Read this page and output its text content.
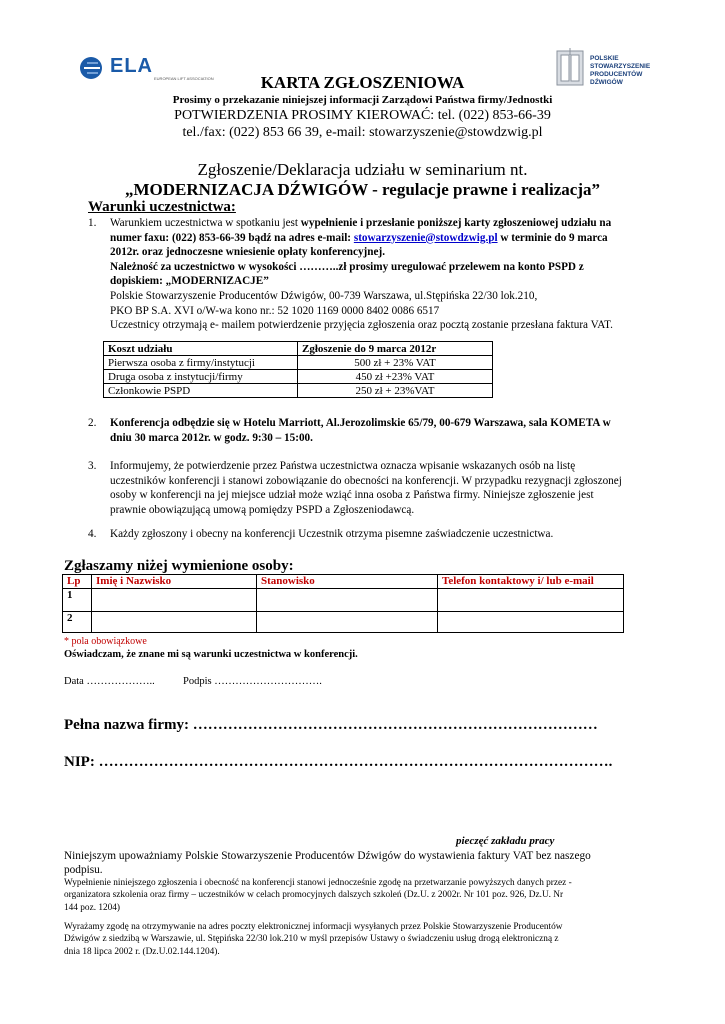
ELA
EUROPEAN LIFT ASSOCIATION
POLSKIE STOWARZYSZENIE
PRODUCENTÓW DŹWIGÓW
KARTA ZGŁOSZENIOWA
Prosimy o przekazanie niniejszej informacji Zarządowi Państwa firmy/Jednostki
POTWIERDZENIA PROSIMY KIEROWAĆ: tel. (022) 853-66-39
tel./fax: (022) 853 66 39, e-mail: stowarzyszenie@stowdzwig.pl
Zgłoszenie/Deklaracja udziału w seminarium nt.
„MODERNIZACJA DŹWIGÓW - regulacje prawne i realizacja”
Warunki uczestnictwa:
1. Warunkiem uczestnictwa w spotkaniu jest wypełnienie i przesłanie poniższej karty zgłoszeniowej udziału na
numer faxu: (022) 853-66-39 bądź na adres e-mail: stowarzyszenie@stowdzwig.pl w terminie do 9 marca
2012r. oraz jednoczesne wniesienie opłaty konferencyjnej.
Należność za uczestnictwo w wysokości ………..zł prosimy uregulować przelewem na konto PSPD z
dopiskiem: „MODERNIZACJE”
Polskie Stowarzyszenie Producentów Dźwigów, 00-739 Warszawa, ul.Stępińska 22/30 lok.210,
PKO BP S.A. XVI o/W-wa kono nr.: 52 1020 1169 0000 8402 0086 6517
Uczestnicy otrzymają e- mailem potwierdzenie przyjęcia zgłoszenia oraz pocztą zostanie przesłana faktura VAT.
Koszt udziału	Zgłoszenie do 9 marca 2012r
Pierwsza osoba z firmy/instytucji	500 zł + 23% VAT
Druga osoba z instytucji/firmy	450 zł +23% VAT
Członkowie PSPD	250 zł + 23%VAT
2. Konferencja odbędzie się w Hotelu Marriott, Al.Jerozolimskie 65/79, 00-679 Warszawa, sala KOMETA w
dniu 30 marca 2012r. w godz. 9:30 – 15:00.
3. Informujemy, że potwierdzenie przez Państwa uczestnictwa oznacza wpisanie wskazanych osób na listę
uczestników konferencji i stanowi zobowiązanie do obecności na konferencji. W przypadku rezygnacji zgłoszonej
osoby w konferencji na jej miejsce udział może wziąć inna osoba z Państwa firmy. Niniejsze zgłoszenie jest
prawnie obowiązującą umową pomiędzy PSPD a Zgłoszeniodawcą.
4. Każdy zgłoszony i obecny na konferencji Uczestnik otrzyma pisemne zaświadczenie uczestnictwa.
Zgłaszamy niżej wymienione osoby:
Lp	Imię i Nazwisko	Stanowisko	Telefon kontaktowy i/ lub e-mail
1			
2			
* pola obowiązkowe
Oświadczam, że znane mi są warunki uczestnictwa w konferencji.
Data ………………..	Podpis ………………………….
Pełna nazwa firmy: ………………………………………………………………………
NIP: ………………………………………………………………………………………….
pieczęć zakładu pracy
Niniejszym upoważniamy Polskie Stowarzyszenie Producentów Dźwigów do wystawienia faktury VAT bez naszego
podpisu.
Wypełnienie niniejszego zgłoszenia i obecność na konferencji stanowi jednocześnie zgodę na przetwarzanie powyższych danych przez -
organizatora szkolenia oraz firmy – uczestników w celach promocyjnych dalszych szkoleń (Dz.U. z 2002r. Nr 101 poz. 926, Dz.U. Nr
144 poz. 1204)
Wyrażamy zgodę na otrzymywanie na adres poczty elektronicznej informacji wysyłanych przez Polskie Stowarzyszenie Producentów
Dźwigów z siedzibą w Warszawie, ul. Stępińska 22/30 lok.210 w myśl przepisów Ustawy o świadczeniu usług drogą elektroniczną z
dnia 18 lipca 2002 r. (Dz.U.02.144.1204).
